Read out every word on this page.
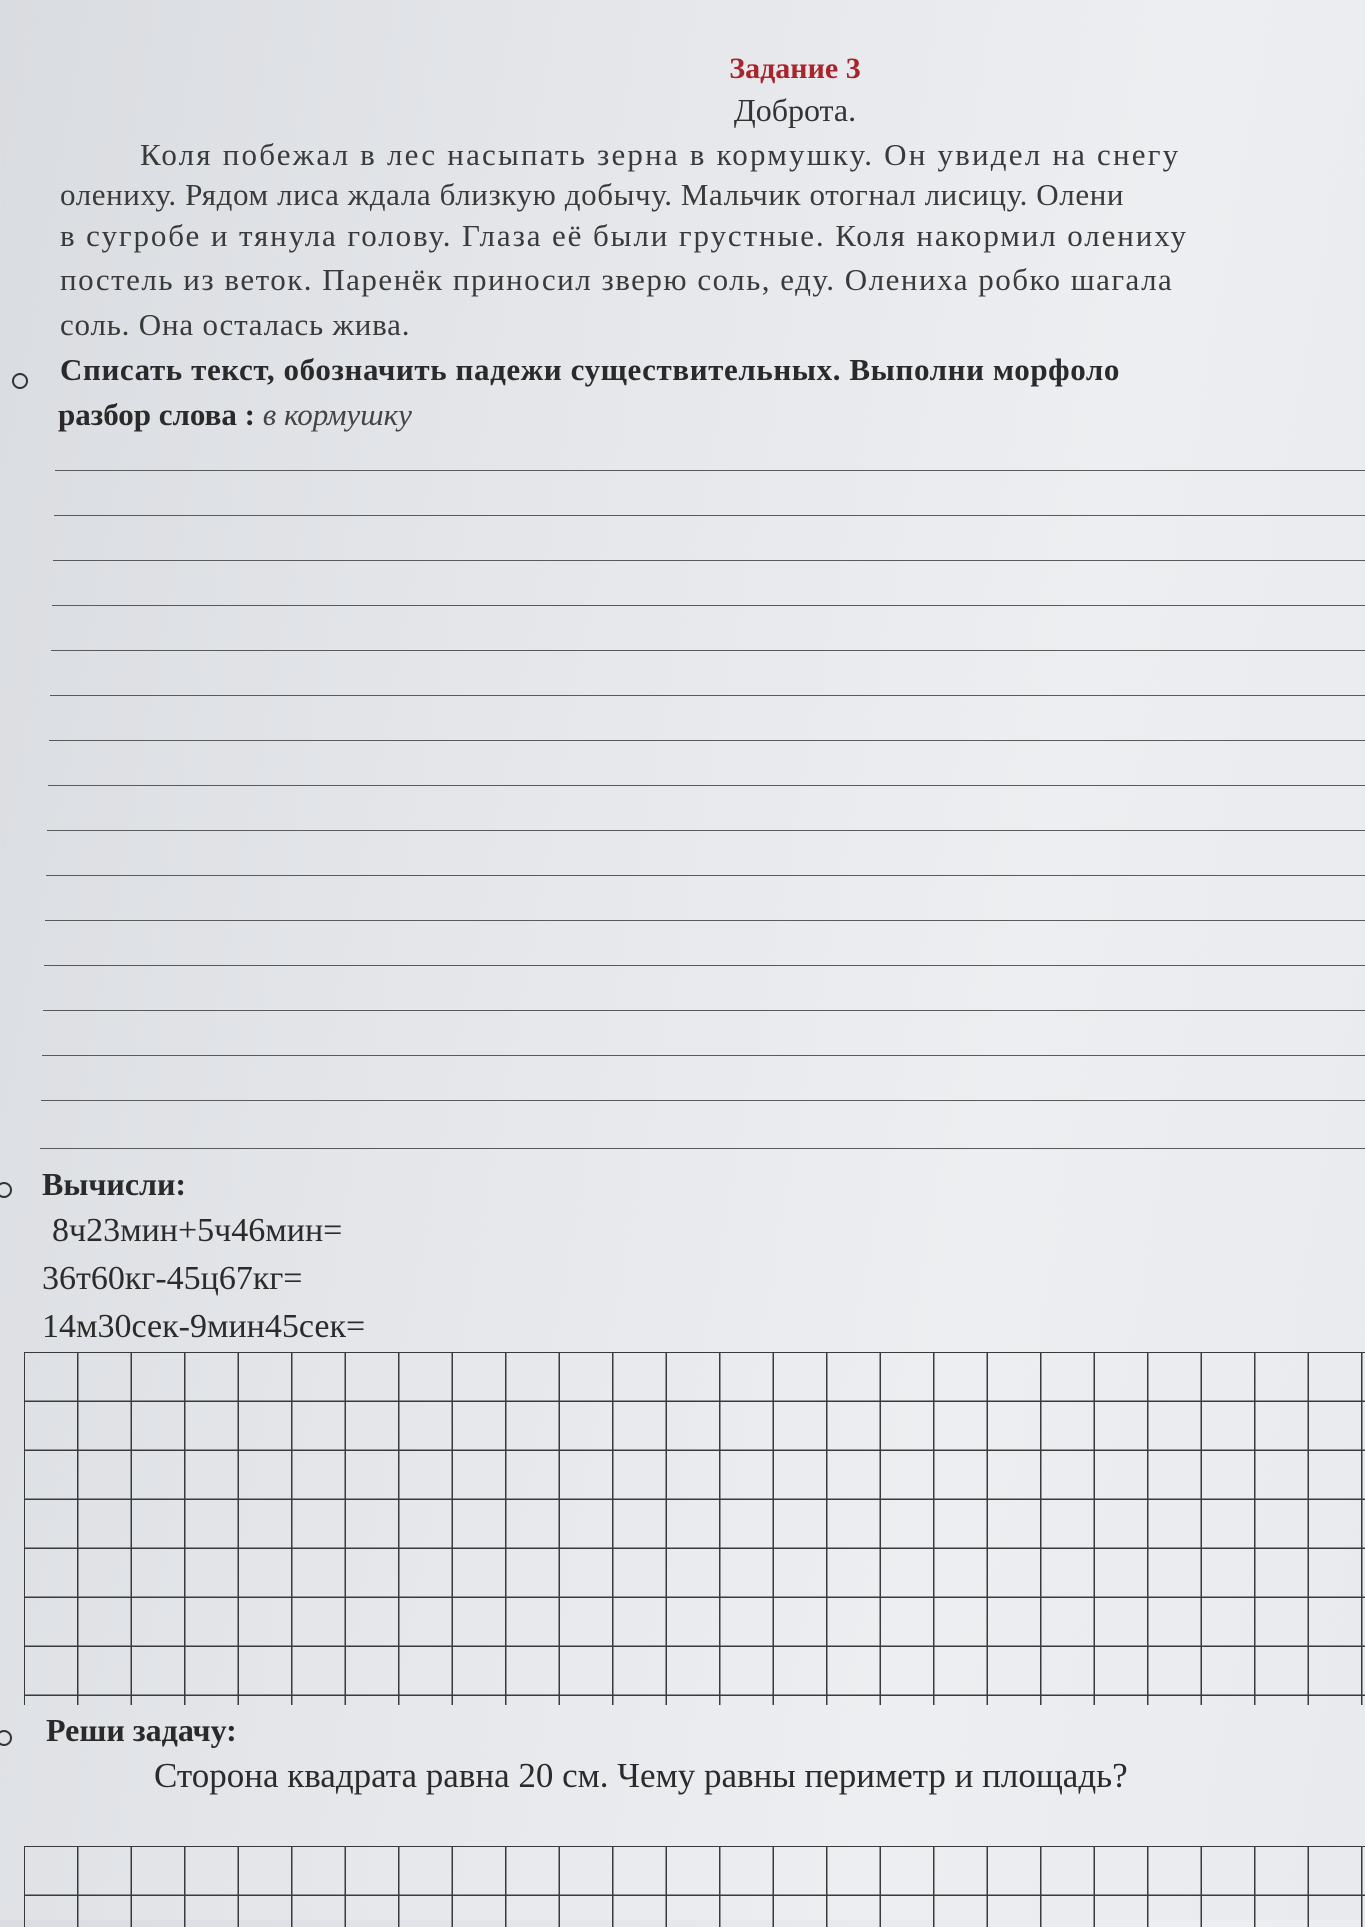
Задание 3
Доброта.
Коля побежал в лес насыпать зерна в кормушку. Он увидел на снегу
олениху. Рядом лиса ждала близкую добычу. Мальчик отогнал лисицу. Олени
в сугробе и тянула голову. Глаза её были грустные. Коля накормил олениху
постель из веток. Паренёк приносил зверю соль, еду. Олениха робко шагала
соль. Она осталась жива.
Списать текст, обозначить падежи существительных. Выполни морфоло
разбор слова : в кормушку
Вычисли:
8ч23мин+5ч46мин=
36т60кг-45ц67кг=
14м30сек-9мин45сек=
Реши задачу:
Сторона квадрата равна 20 см. Чему равны периметр и площадь?
